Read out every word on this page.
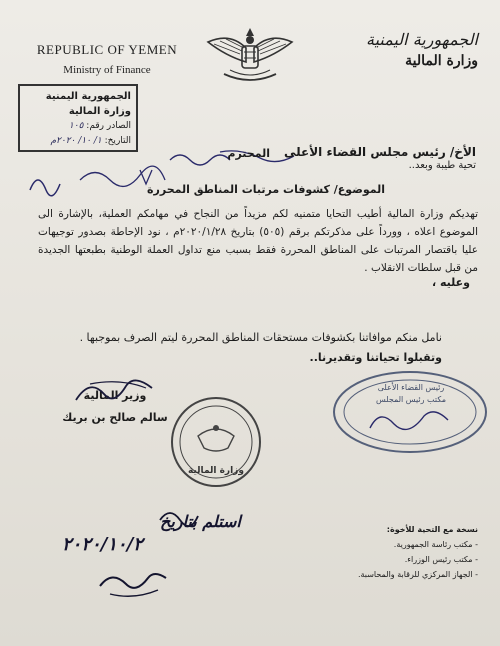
REPUBLIC OF YEMEN
Ministry of Finance
الجمهورية اليمنية
وزارة المالية
الجمهورية اليمنية
وزارة المالية
الصادر رقم: ١٠٥
التاريخ: ١/ ١٠/ ٢٠٢٠م
الأخ/ رئيس مجلس القضاء الأعلى
المحترم
تحية طيبة وبعد..
الموضوع/ كشوفات مرتبات المناطق المحررة
تهديكم وزارة المالية أطيب التحايا متمنيه لكم مزيداً من النجاح في مهامكم العملية، بالإشارة الى الموضوع اعلاه ، وورداً على مذكرتكم برقم (٥٠٥) بتاريخ ٢٠٢٠/١/٢٨م ، نود الإحاطة بصدور توجيهات عليا باقتصار المرتبات على المناطق المحررة فقط بسبب منع تداول العملة الوطنية بطبعتها الجديدة من قبل سلطات الانقلاب .
وعليه ،
نامل منكم موافاتنا بكشوفات مستحقات المناطق المحررة ليتم الصرف بموجبها .
وتقبلوا تحياتنا وتقديرنا..
رئيس القضاء الأعلى
مكتب رئيس المجلس
وزير المالية
سالم صالح بن بريك
وزارة المالية
استلم بتاريخ
٢٠٢٠/١٠/٢
نسخة مع التحية للأخوة:
- مكتب رئاسة الجمهورية.
- مكتب رئيس الوزراء.
- الجهاز المركزي للرقابة والمحاسبة.
